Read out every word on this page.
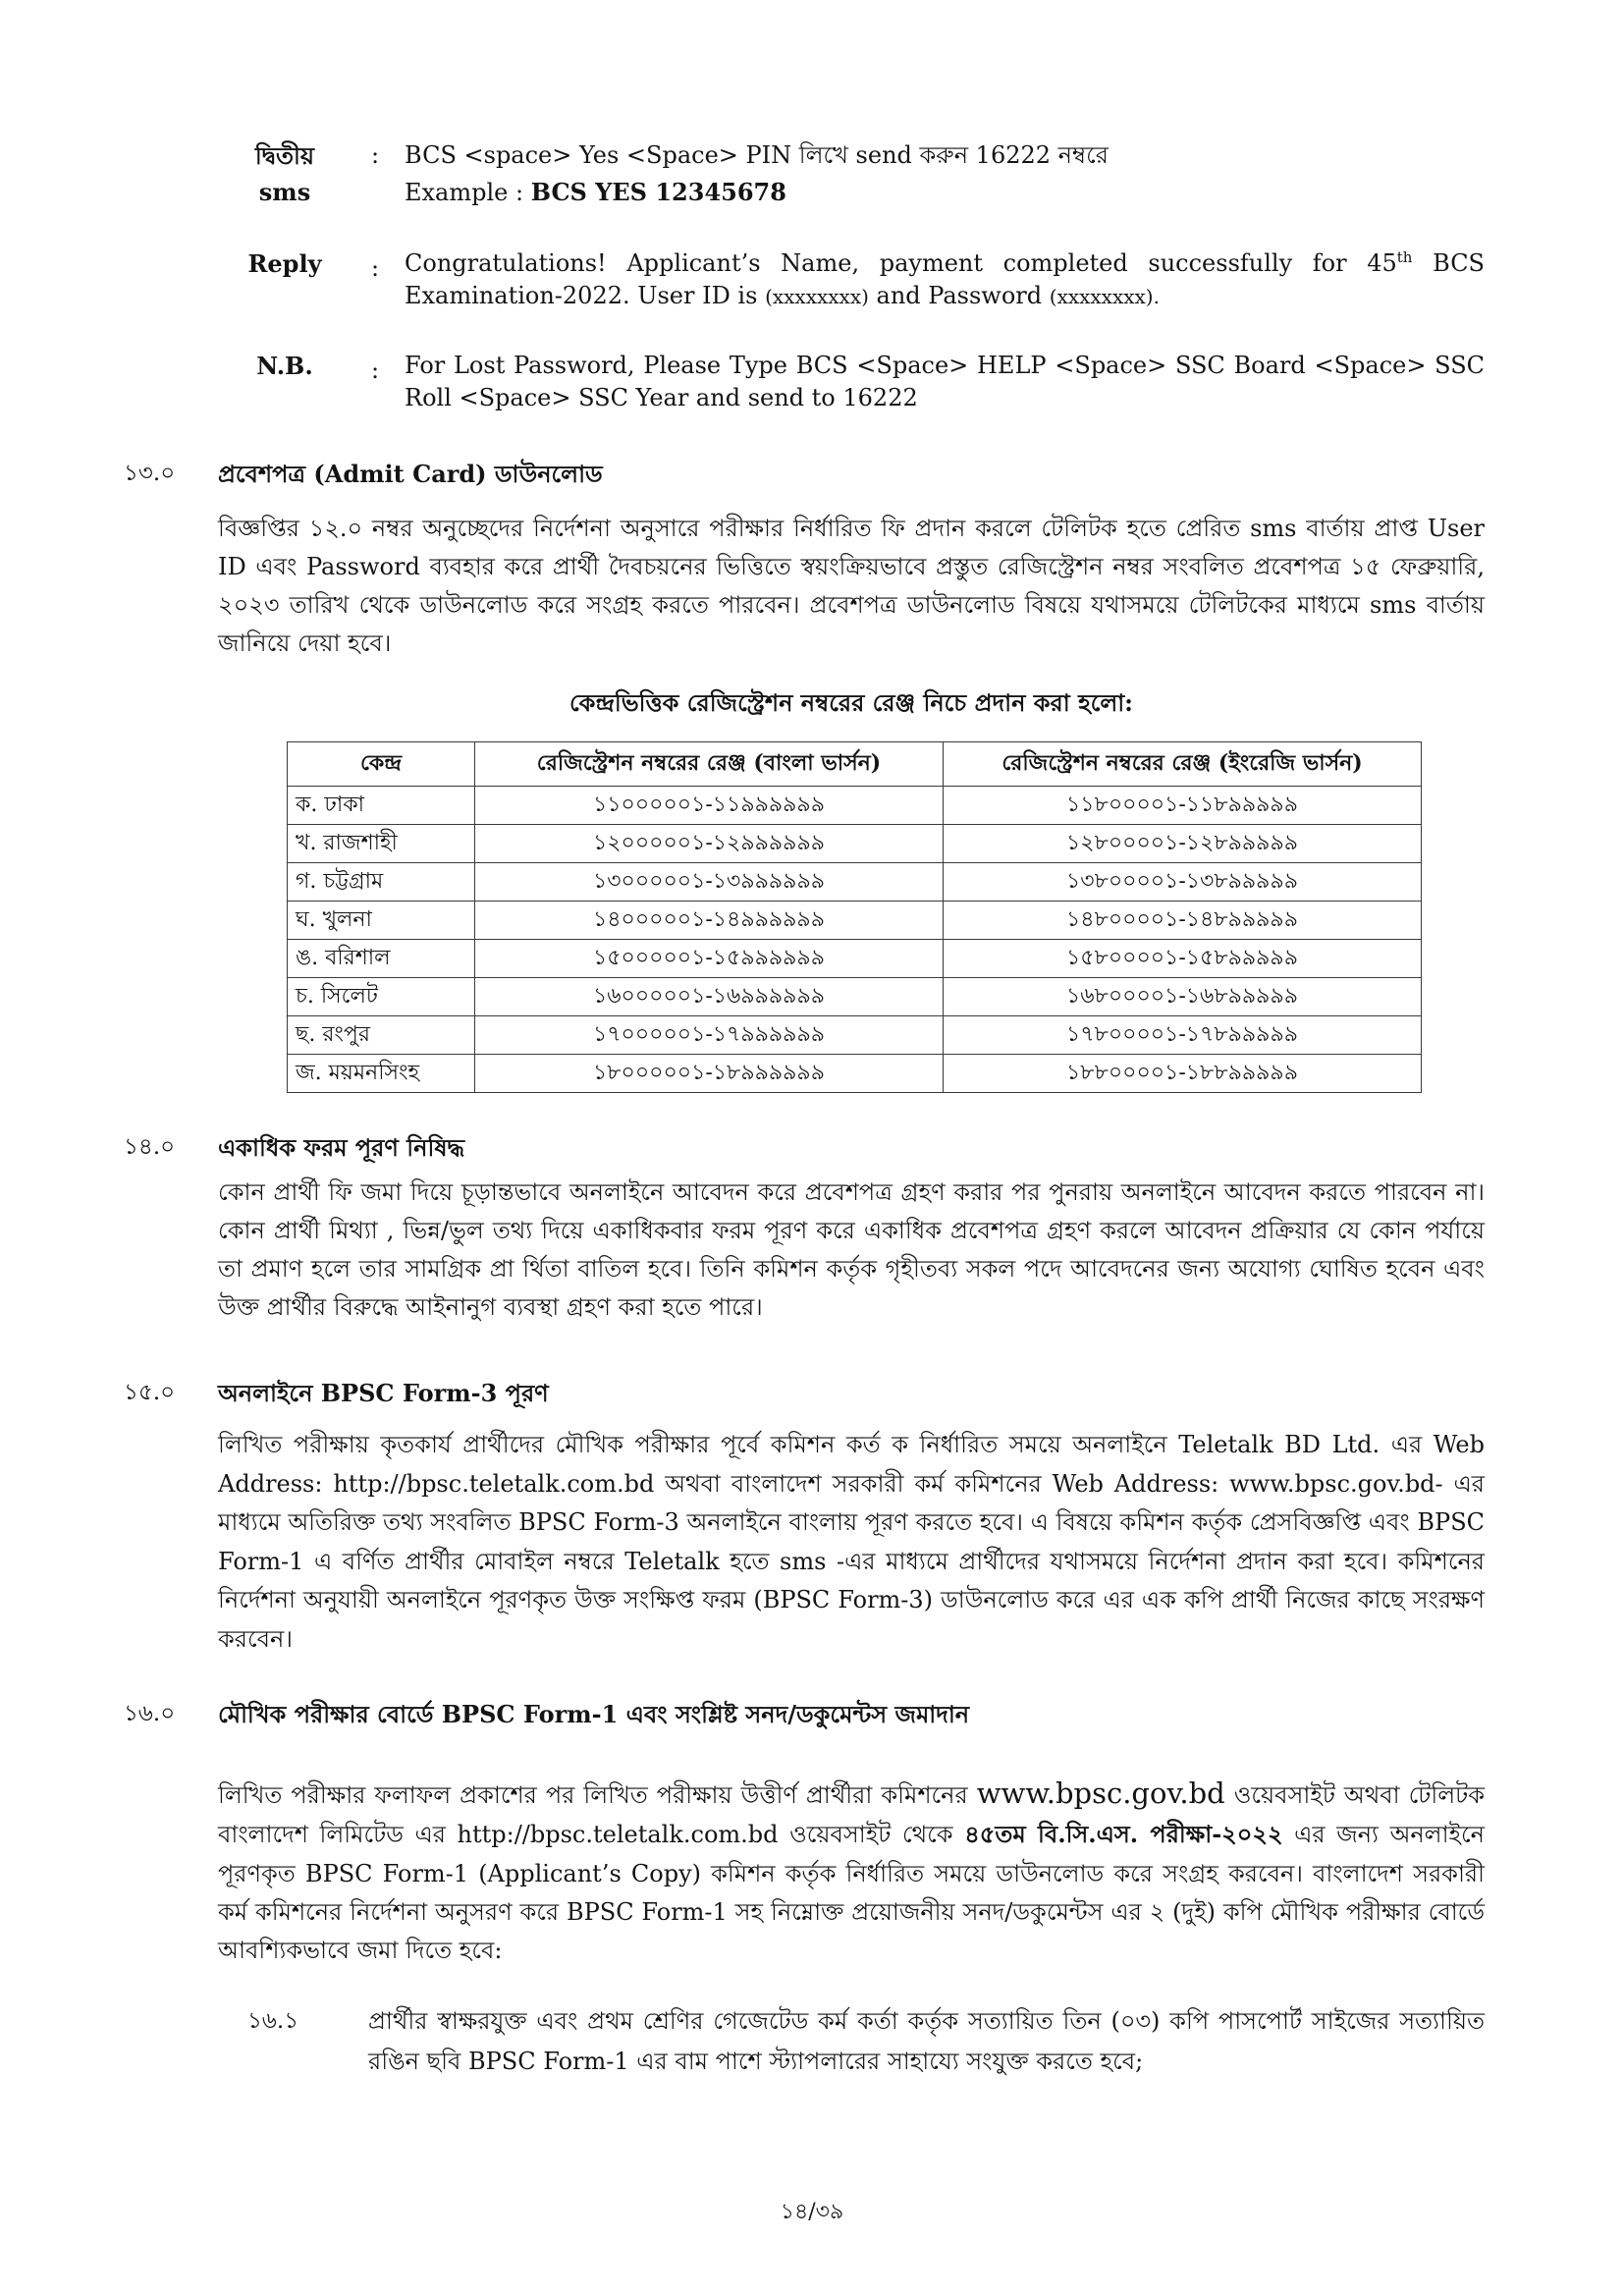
দ্বিতীয়
sms
:	BCS <space> Yes <Space> PIN লিখে send করুন 16222 নম্বরে
Example : BCS YES 12345678
Reply	:	Congratulations! Applicant’s Name, payment completed successfully for 45th BCS Examination-2022. User ID is (xxxxxxxx) and Password (xxxxxxxx).
N.B.	:	For Lost Password, Please Type BCS <Space> HELP <Space> SSC Board <Space> SSC Roll <Space> SSC Year and send to 16222
১৩.০	প্রবেশপত্র (Admit Card) ডাউনলোড
বিজ্ঞপ্তির ১২.০ নম্বর অনুচ্ছেদের নির্দেশনা অনুসারে পরীক্ষার নির্ধারিত ফি প্রদান করলে টেলিটক হতে প্রেরিত sms বার্তায় প্রাপ্ত User ID এবং Password ব্যবহার করে প্রার্থী দৈবচয়নের ভিত্তিতে স্বয়ংক্রিয়ভাবে প্রস্তুত রেজিস্ট্রেশন নম্বর সংবলিত প্রবেশপত্র ১৫ ফেব্রুয়ারি, ২০২৩ তারিখ থেকে ডাউনলোড করে সংগ্রহ করতে পারবেন। প্রবেশপত্র ডাউনলোড বিষয়ে যথাসময়ে টেলিটকের মাধ্যমে sms বার্তায় জানিয়ে দেয়া হবে।
কেন্দ্রভিত্তিক রেজিস্ট্রেশন নম্বরের রেঞ্জ নিচে প্রদান করা হলো:
কেন্দ্র	রেজিস্ট্রেশন নম্বরের রেঞ্জ (বাংলা ভার্সন)	রেজিস্ট্রেশন নম্বরের রেঞ্জ (ইংরেজি ভার্সন)
ক. ঢাকা	১১০০০০০১-১১৯৯৯৯৯৯	১১৮০০০০১-১১৮৯৯৯৯৯
খ. রাজশাহী	১২০০০০০১-১২৯৯৯৯৯৯	১২৮০০০০১-১২৮৯৯৯৯৯
গ. চট্টগ্রাম	১৩০০০০০১-১৩৯৯৯৯৯৯	১৩৮০০০০১-১৩৮৯৯৯৯৯
ঘ. খুলনা	১৪০০০০০১-১৪৯৯৯৯৯৯	১৪৮০০০০১-১৪৮৯৯৯৯৯
ঙ. বরিশাল	১৫০০০০০১-১৫৯৯৯৯৯৯	১৫৮০০০০১-১৫৮৯৯৯৯৯
চ. সিলেট	১৬০০০০০১-১৬৯৯৯৯৯৯	১৬৮০০০০১-১৬৮৯৯৯৯৯
ছ. রংপুর	১৭০০০০০১-১৭৯৯৯৯৯৯	১৭৮০০০০১-১৭৮৯৯৯৯৯
জ. ময়মনসিংহ	১৮০০০০০১-১৮৯৯৯৯৯৯	১৮৮০০০০১-১৮৮৯৯৯৯৯
১৪.০	একাধিক ফরম পূরণ নিষিদ্ধ
কোন প্রার্থী ফি জমা দিয়ে চূড়ান্তভাবে অনলাইনে আবেদন করে প্রবেশপত্র গ্রহণ করার পর পুনরায় অনলাইনে আবেদন করতে পারবেন না। কোন প্রার্থী মিথ্যা , ভিন্ন/ভুল তথ্য দিয়ে একাধিকবার ফরম পূরণ করে একাধিক প্রবেশপত্র গ্রহণ করলে আবেদন প্রক্রিয়ার যে কোন পর্যায়ে তা প্রমাণ হলে তার সামগ্রিক প্রা র্থিতা বাতিল হবে। তিনি কমিশন কর্তৃক গৃহীতব্য সকল পদে আবেদনের জন্য অযোগ্য ঘোষিত হবেন এবং উক্ত প্রার্থীর বিরুদ্ধে আইনানুগ ব্যবস্থা গ্রহণ করা হতে পারে।
১৫.০	অনলাইনে BPSC Form-3 পূরণ
লিখিত পরীক্ষায় কৃতকার্য প্রার্থীদের মৌখিক পরীক্ষার পূর্বে কমিশন কর্ত ক নির্ধারিত সময়ে অনলাইনে Teletalk BD Ltd. এর Web Address: http://bpsc.teletalk.com.bd অথবা বাংলাদেশ সরকারী কর্ম কমিশনের Web Address: www.bpsc.gov.bd- এর মাধ্যমে অতিরিক্ত তথ্য সংবলিত BPSC Form-3 অনলাইনে বাংলায় পূরণ করতে হবে। এ বিষয়ে কমিশন কর্তৃক প্রেসবিজ্ঞপ্তি এবং BPSC Form-1 এ বর্ণিত প্রার্থীর মোবাইল নম্বরে Teletalk হতে sms -এর মাধ্যমে প্রার্থীদের যথাসময়ে নির্দেশনা প্রদান করা হবে। কমিশনের নির্দেশনা অনুযায়ী অনলাইনে পূরণকৃত উক্ত সংক্ষিপ্ত ফরম (BPSC Form-3) ডাউনলোড করে এর এক কপি প্রার্থী নিজের কাছে সংরক্ষণ করবেন।
১৬.০	মৌখিক পরীক্ষার বোর্ডে BPSC Form-1 এবং সংশ্লিষ্ট সনদ/ডকুমেন্টস জমাদান
লিখিত পরীক্ষার ফলাফল প্রকাশের পর লিখিত পরীক্ষায় উত্তীর্ণ প্রার্থীরা কমিশনের www.bpsc.gov.bd ওয়েবসাইট অথবা টেলিটক বাংলাদেশ লিমিটেড এর http://bpsc.teletalk.com.bd ওয়েবসাইট থেকে ৪৫তম বি.সি.এস. পরীক্ষা-২০২২ এর জন্য অনলাইনে পূরণকৃত BPSC Form-1 (Applicant’s Copy) কমিশন কর্তৃক নির্ধারিত সময়ে ডাউনলোড করে সংগ্রহ করবেন। বাংলাদেশ সরকারী কর্ম কমিশনের নির্দেশনা অনুসরণ করে BPSC Form-1 সহ নিম্নোক্ত প্রয়োজনীয় সনদ/ডকুমেন্টস এর ২ (দুই) কপি মৌখিক পরীক্ষার বোর্ডে আবশ্যিকভাবে জমা দিতে হবে:
১৬.১	প্রার্থীর স্বাক্ষরযুক্ত এবং প্রথম শ্রেণির গেজেটেড কর্ম কর্তা কর্তৃক সত্যায়িত তিন (০৩) কপি পাসপোর্ট সাইজের সত্যায়িত রঙিন ছবি BPSC Form-1 এর বাম পাশে স্ট্যাপলারের সাহায্যে সংযুক্ত করতে হবে;
১৪/৩৯
